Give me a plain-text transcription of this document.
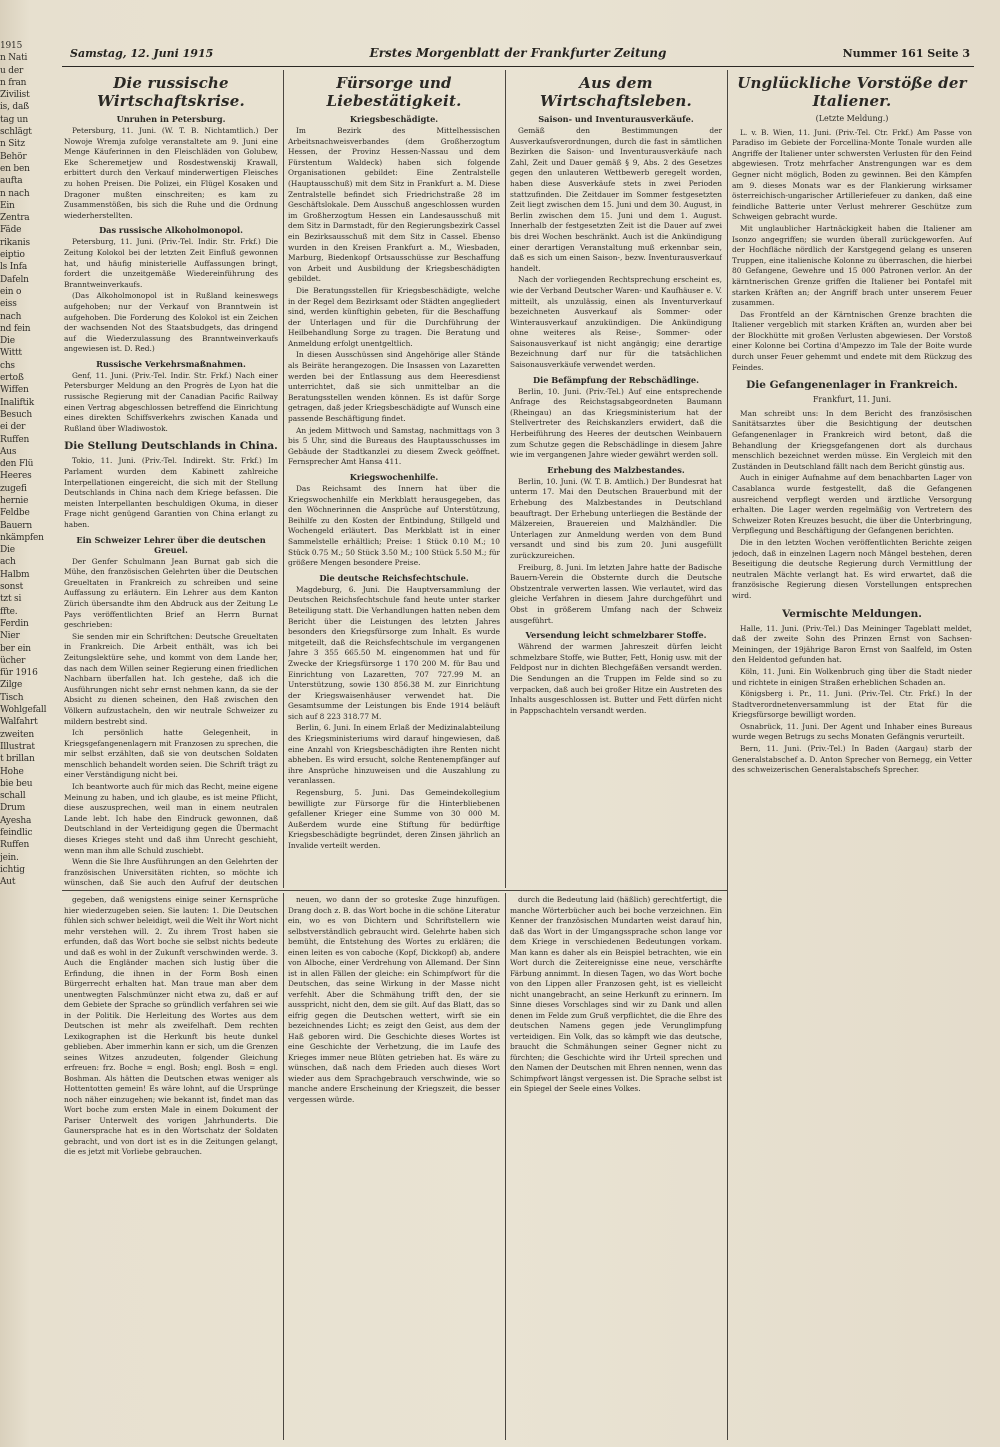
1915
n Nati
u der
n fran
Zivilist
is, daß
tag un
schlägt
n Sitz
Behör
en ben
aufta
n nach
Ein
Zentra
Fäde
rikanis
eiptio
ls Infa
Dafeln
ein o
eiss
nach
nd fein
Die
Wittt
chs
ertoß
Wiffen
Inaliftik
Besuch
ei der
Ruffen
Aus
den Flü
Heeres
zugefi
hernie
Feldbe
Bauern
nkämpfen
Die
ach
Halbm
sonst
tzt si
ffte.
Ferdin
Nier
ber ein
ücher
für 1916
Zilge
Tisch
Wohlgefall
Walfahrt
zweiten
Illustrat
t brillan
Hohe
bie beu
schall
Drum
Ayesha
feindlic
Ruffen
jein.
ichtig
Aut
Samstag, 12. Juni 1915	Erstes Morgenblatt der Frankfurter Zeitung	Nummer 161 Seite 3
Die russische Wirtschaftskrise.
Unruhen in Petersburg.

Petersburg, 11. Juni. (W. T. B. Nichtamtlich.) Der Nowoje Wremja zufolge veranstaltete am 9. Juni eine Menge Käuferinnen in den Fleischläden von Golubew, Eke Scheremetjew und Rosdestwenskij Krawall, erbittert durch den Verkauf minderwertigen Fleisches zu hohen Preisen. Die Polizei, ein Flügel Kosaken und Dragoner mußten einschreiten; es kam zu Zusammenstößen, bis sich die Ruhe und die Ordnung wiederherstellten.

Das russische Alkoholmonopol.

Petersburg, 11. Juni. (Priv.-Tel. Indir. Str. Frkf.) Die Zeitung Kolokol bei der letzten Zeit Einfluß gewonnen hat, und häufig ministerielle Auffassungen bringt, fordert die unzeitgemäße Wiedereinführung des Branntweinverkaufs.

(Das Alkoholmonopol ist in Rußland keineswegs aufgehoben; nur der Verkauf von Branntwein ist aufgehoben. Die Forderung des Kolokol ist ein Zeichen der wachsenden Not des Staatsbudgets, das dringend auf die Wiederzulassung des Branntweinverkaufs angewiesen ist. D. Red.)

Russische Verkehrsmaßnahmen.

Genf, 11. Juni. (Priv.-Tel. Indir. Str. Frkf.) Nach einer Petersburger Meldung an den Progrès de Lyon hat die russische Regierung mit der Canadian Pacific Railway einen Vertrag abgeschlossen betreffend die Einrichtung eines direkten Schiffsverkehrs zwischen Kanada und Rußland über Wladiwostok.

Die Stellung Deutschlands in China.

Tokio, 11. Juni. (Priv.-Tel. Indirekt. Str. Frkf.) Im Parlament wurden dem Kabinett zahlreiche Interpellationen eingereicht, die sich mit der Stellung Deutschlands in China nach dem Kriege befassen. Die meisten Interpellanten beschuldigen Okuma, in dieser Frage nicht genügend Garantien von China erlangt zu haben.

Ein Schweizer Lehrer über die deutschen Greuel.

Der Genfer Schulmann Jean Burnat gab sich die Mühe, den französischen Gelehrten über die Deutschen Greueltaten in Frankreich zu schreiben und seine Auffassung zu erläutern. Ein Lehrer aus dem Kanton Zürich übersandte ihm den Abdruck aus der Zeitung Le Pays veröffentlichten Brief an Herrn Burnat geschrieben:

Sie senden mir ein Schriftchen: Deutsche Greueltaten in Frankreich. Die Arbeit enthält, was ich bei Zeitungslektüre sehe, und kommt von dem Lande her, das nach dem Willen seiner Regierung einen friedlichen Nachbarn überfallen hat. Ich gestehe, daß ich die Ausführungen nicht sehr ernst nehmen kann, da sie der Absicht zu dienen scheinen, den Haß zwischen den Völkern aufzustacheln, den wir neutrale Schweizer zu mildern bestrebt sind.

Ich persönlich hatte Gelegenheit, in Kriegsgefangenenlagern mit Franzosen zu sprechen, die mir selbst erzählten, daß sie von deutschen Soldaten menschlich behandelt worden seien. Die Schrift trägt zu einer Verständigung nicht bei.

Ich beantworte auch für mich das Recht, meine eigene Meinung zu haben, und ich glaube, es ist meine Pflicht, diese auszusprechen, weil man in einem neutralen Lande lebt. Ich habe den Eindruck gewonnen, daß Deutschland in der Verteidigung gegen die Übermacht dieses Krieges steht und daß ihm Unrecht geschieht, wenn man ihm alle Schuld zuschiebt.

Wenn die Sie Ihre Ausführungen an den Gelehrten der französischen Universitäten richten, so möchte ich wünschen, daß Sie auch den Aufruf der deutschen

Fürsorge und Liebestätigkeit.
Kriegsbeschädigte.

Im Bezirk des Mittelhessischen Arbeitsnachweisverbandes (dem Großherzogtum Hessen, der Provinz Hessen-Nassau und dem Fürstentum Waldeck) haben sich folgende Organisationen gebildet: Eine Zentralstelle (Hauptausschuß) mit dem Sitz in Frankfurt a. M. Diese Zentralstelle befindet sich Friedrichstraße 28 im Geschäftslokale. Dem Ausschuß angeschlossen wurden im Großherzogtum Hessen ein Landesausschuß mit dem Sitz in Darmstadt, für den Regierungsbezirk Cassel ein Bezirksausschuß mit dem Sitz in Cassel. Ebenso wurden in den Kreisen Frankfurt a. M., Wiesbaden, Marburg, Biedenkopf Ortsausschüsse zur Beschaffung von Arbeit und Ausbildung der Kriegsbeschädigten gebildet.

Die Beratungsstellen für Kriegsbeschädigte, welche in der Regel dem Bezirksamt oder Städten angegliedert sind, werden künftighin gebeten, für die Beschaffung der Unterlagen und für die Durchführung der Heilbehandlung Sorge zu tragen. Die Beratung und Anmeldung erfolgt unentgeltlich.

In diesen Ausschüssen sind Angehörige aller Stände als Beiräte herangezogen. Die Insassen von Lazaretten werden bei der Entlassung aus dem Heeresdienst unterrichtet, daß sie sich unmittelbar an die Beratungsstellen wenden können. Es ist dafür Sorge getragen, daß jeder Kriegsbeschädigte auf Wunsch eine passende Beschäftigung findet.

An jedem Mittwoch und Samstag, nachmittags von 3 bis 5 Uhr, sind die Bureaus des Hauptausschusses im Gebäude der Stadtkanzlei zu diesem Zweck geöffnet. Fernsprecher Amt Hansa 411.

Kriegswochenhilfe.

Das Reichsamt des Innern hat über die Kriegswochenhilfe ein Merkblatt herausgegeben, das den Wöchnerinnen die Ansprüche auf Unterstützung, Beihilfe zu den Kosten der Entbindung, Stillgeld und Wochengeld erläutert. Das Merkblatt ist in einer Sammelstelle erhältlich; Preise: 1 Stück 0.10 M.; 10 Stück 0.75 M.; 50 Stück 3.50 M.; 100 Stück 5.50 M.; für größere Mengen besondere Preise.

Die deutsche Reichsfechtschule.

Magdeburg, 6. Juni. Die Hauptversammlung der Deutschen Reichsfechtschule fand heute unter starker Beteiligung statt. Die Verhandlungen hatten neben dem Bericht über die Leistungen des letzten Jahres besonders den Kriegsfürsorge zum Inhalt. Es wurde mitgeteilt, daß die Reichsfechtschule im vergangenen Jahre 3 355 665.50 M. eingenommen hat und für Zwecke der Kriegsfürsorge 1 170 200 M. für Bau und Einrichtung von Lazaretten, 707 727.99 M. an Unterstützung, sowie 130 856.38 M. zur Einrichtung der Kriegswaisenhäuser verwendet hat. Die Gesamtsumme der Leistungen bis Ende 1914 beläuft sich auf 8 223 318.77 M.

Berlin, 6. Juni. In einem Erlaß der Medizinalabteilung des Kriegsministeriums wird darauf hingewiesen, daß eine Anzahl von Kriegsbeschädigten ihre Renten nicht abheben. Es wird ersucht, solche Rentenempfänger auf ihre Ansprüche hinzuweisen und die Auszahlung zu veranlassen.

Regensburg, 5. Juni. Das Gemeindekollegium bewilligte zur Fürsorge für die Hinterbliebenen gefallener Krieger eine Summe von 30 000 M. Außerdem wurde eine Stiftung für bedürftige Kriegsbeschädigte begründet, deren Zinsen jährlich an Invalide verteilt werden.

Aus dem Wirtschaftsleben.
Saison- und Inventurausverkäufe.

Gemäß den Bestimmungen der Ausverkaufsverordnungen, durch die fast in sämtlichen Bezirken die Saison- und Inventurausverkäufe nach Zahl, Zeit und Dauer gemäß § 9, Abs. 2 des Gesetzes gegen den unlauteren Wettbewerb geregelt worden, haben diese Ausverkäufe stets in zwei Perioden stattzufinden. Die Zeitdauer im Sommer festgesetzten Zeit liegt zwischen dem 15. Juni und dem 30. August, in Berlin zwischen dem 15. Juni und dem 1. August. Innerhalb der festgesetzten Zeit ist die Dauer auf zwei bis drei Wochen beschränkt. Auch ist die Ankündigung einer derartigen Veranstaltung muß erkennbar sein, daß es sich um einen Saison-, bezw. Inventurausverkauf handelt.

Nach der vorliegenden Rechtsprechung erscheint es, wie der Verband Deutscher Waren- und Kaufhäuser e. V. mitteilt, als unzulässig, einen als Inventurverkauf bezeichneten Ausverkauf als Sommer- oder Winterausverkauf anzukündigen. Die Ankündigung ohne weiteres als Reise-, Sommer- oder Saisonausverkauf ist nicht angängig; eine derartige Bezeichnung darf nur für die tatsächlichen Saisonausverkäufe verwendet werden.

Die Befämpfung der Rebschädlinge.

Berlin, 10. Juni. (Priv.-Tel.) Auf eine entsprechende Anfrage des Reichstagsabgeordneten Baumann (Rheingau) an das Kriegsministerium hat der Stellvertreter des Reichskanzlers erwidert, daß die Herbeiführung des Heeres der deutschen Weinbauern zum Schutze gegen die Rebschädlinge in diesem Jahre wie im vergangenen Jahre wieder gewährt werden soll.

Erhebung des Malzbestandes.

Berlin, 10. Juni. (W. T. B. Amtlich.) Der Bundesrat hat unterm 17. Mai den Deutschen Brauerbund mit der Erhebung des Malzbestandes in Deutschland beauftragt. Der Erhebung unterliegen die Bestände der Mälzereien, Brauereien und Malzhändler. Die Unterlagen zur Anmeldung werden von dem Bund versandt und sind bis zum 20. Juni ausgefüllt zurückzureichen.

Freiburg, 8. Juni. Im letzten Jahre hatte der Badische Bauern-Verein die Obsternte durch die Deutsche Obstzentrale verwerten lassen. Wie verlautet, wird das gleiche Verfahren in diesem Jahre durchgeführt und Obst in größerem Umfang nach der Schweiz ausgeführt.

Versendung leicht schmelzbarer Stoffe.

Während der warmen Jahreszeit dürfen leicht schmelzbare Stoffe, wie Butter, Fett, Honig usw. mit der Feldpost nur in dichten Blechgefäßen versandt werden. Die Sendungen an die Truppen im Felde sind so zu verpacken, daß auch bei großer Hitze ein Austreten des Inhalts ausgeschlossen ist. Butter und Fett dürfen nicht in Pappschachteln versandt werden.

Unglückliche Vorstöße der Italiener.
(Letzte Meldung.)

L. v. B. Wien, 11. Juni. (Priv.-Tel. Ctr. Frkf.) Am Passe von Paradiso im Gebiete der Forcellina-Monte Tonale wurden alle Angriffe der Italiener unter schwersten Verlusten für den Feind abgewiesen. Trotz mehrfacher Anstrengungen war es dem Gegner nicht möglich, Boden zu gewinnen. Bei den Kämpfen am 9. dieses Monats war es der Flankierung wirksamer österreichisch-ungarischer Artilleriefeuer zu danken, daß eine feindliche Batterie unter Verlust mehrerer Geschütze zum Schweigen gebracht wurde.

Mit unglaublicher Hartnäckigkeit haben die Italiener am Isonzo angegriffen; sie wurden überall zurückgeworfen. Auf der Hochfläche nördlich der Karstgegend gelang es unseren Truppen, eine italienische Kolonne zu überraschen, die hierbei 80 Gefangene, Gewehre und 15 000 Patronen verlor. An der kärntnerischen Grenze griffen die Italiener bei Pontafel mit starken Kräften an; der Angriff brach unter unserem Feuer zusammen.

Das Frontfeld an der Kärntnischen Grenze brachten die Italiener vergeblich mit starken Kräften an, wurden aber bei der Blockhütte mit großen Verlusten abgewiesen. Der Vorstoß einer Kolonne bei Cortina d'Ampezzo im Tale der Boite wurde durch unser Feuer gehemmt und endete mit dem Rückzug des Feindes.

Die Gefangenenlager in Frankreich.
Frankfurt, 11. Juni.

Man schreibt uns: In dem Bericht des französischen Sanitätsarztes über die Besichtigung der deutschen Gefangenenlager in Frankreich wird betont, daß die Behandlung der Kriegsgefangenen dort als durchaus menschlich bezeichnet werden müsse. Ein Vergleich mit den Zuständen in Deutschland fällt nach dem Bericht günstig aus.

Auch in einiger Aufnahme auf dem benachbarten Lager von Casablanca wurde festgestellt, daß die Gefangenen ausreichend verpflegt werden und ärztliche Versorgung erhalten. Die Lager werden regelmäßig von Vertretern des Schweizer Roten Kreuzes besucht, die über die Unterbringung, Verpflegung und Beschäftigung der Gefangenen berichten.

Die in den letzten Wochen veröffentlichten Berichte zeigen jedoch, daß in einzelnen Lagern noch Mängel bestehen, deren Beseitigung die deutsche Regierung durch Vermittlung der neutralen Mächte verlangt hat. Es wird erwartet, daß die französische Regierung diesen Vorstellungen entsprechen wird.

Vermischte Meldungen.

Halle, 11. Juni. (Priv.-Tel.) Das Meininger Tageblatt meldet, daß der zweite Sohn des Prinzen Ernst von Sachsen-Meiningen, der 19jährige Baron Ernst von Saalfeld, im Osten den Heldentod gefunden hat.

Köln, 11. Juni. Ein Wolkenbruch ging über die Stadt nieder und richtete in einigen Straßen erheblichen Schaden an.

Königsberg i. Pr., 11. Juni. (Priv.-Tel. Ctr. Frkf.) In der Stadtverordnetenversammlung ist der Etat für die Kriegsfürsorge bewilligt worden.

Osnabrück, 11. Juni. Der Agent und Inhaber eines Bureaus wurde wegen Betrugs zu sechs Monaten Gefängnis verurteilt.

Bern, 11. Juni. (Priv.-Tel.) In Baden (Aargau) starb der Generalstabschef a. D. Anton Sprecher von Bernegg, ein Vetter des schweizerischen Generalstabschefs Sprecher.

gegeben, daß wenigstens einige seiner Kernsprüche hier wiederzugeben seien. Sie lauten: 1. Die Deutschen fühlen sich schwer beleidigt, weil die Welt ihr Wort nicht mehr verstehen will. 2. Zu ihrem Trost haben sie erfunden, daß das Wort boche sie selbst nichts bedeute und daß es wohl in der Zukunft verschwinden werde. 3. Auch die Engländer machen sich lustig über die Erfindung, die ihnen in der Form Bosh einen Bürgerrecht erhalten hat. Man traue man aber dem unentwegten Falschmünzer nicht etwa zu, daß er auf dem Gebiete der Sprache so gründlich verfahren sei wie in der Politik. Die Herleitung des Wortes aus dem Deutschen ist mehr als zweifelhaft. Dem rechten Lexikographen ist die Herkunft bis heute dunkel geblieben. Aber immerhin kann er sich, um die Grenzen seines Witzes anzudeuten, folgender Gleichung erfreuen: frz. Boche = engl. Bosh; engl. Bosh = engl. Boshman. Als hätten die Deutschen etwas weniger als Hottentotten gemein! Es wäre lohnt, auf die Ursprünge noch näher einzugehen; wie bekannt ist, findet man das Wort boche zum ersten Male in einem Dokument der Pariser Unterwelt des vorigen Jahrhunderts. Die Gaunersprache hat es in den Wortschatz der Soldaten gebracht, und von dort ist es in die Zeitungen gelangt, die es jetzt mit Vorliebe gebrauchen.

neuen, wo dann der so groteske Zuge hinzufügen. Drang doch z. B. das Wort boche in die schöne Literatur ein, wo es von Dichtern und Schriftstellern wie selbstverständlich gebraucht wird. Gelehrte haben sich bemüht, die Entstehung des Wortes zu erklären; die einen leiten es von caboche (Kopf, Dickkopf) ab, andere von Alboche, einer Verdrehung von Allemand. Der Sinn ist in allen Fällen der gleiche: ein Schimpfwort für die Deutschen, das seine Wirkung in der Masse nicht verfehlt. Aber die Schmähung trifft den, der sie ausspricht, nicht den, dem sie gilt. Auf das Blatt, das so eifrig gegen die Deutschen wettert, wirft sie ein bezeichnendes Licht; es zeigt den Geist, aus dem der Haß geboren wird. Die Geschichte dieses Wortes ist eine Geschichte der Verhetzung, die im Laufe des Krieges immer neue Blüten getrieben hat. Es wäre zu wünschen, daß nach dem Frieden auch dieses Wort wieder aus dem Sprachgebrauch verschwinde, wie so manche andere Erscheinung der Kriegszeit, die besser vergessen würde.

durch die Bedeutung laid (häßlich) gerechtfertigt, die manche Wörterbücher auch bei boche verzeichnen. Ein Kenner der französischen Mundarten weist darauf hin, daß das Wort in der Umgangssprache schon lange vor dem Kriege in verschiedenen Bedeutungen vorkam. Man kann es daher als ein Beispiel betrachten, wie ein Wort durch die Zeitereignisse eine neue, verschärfte Färbung annimmt. In diesen Tagen, wo das Wort boche von den Lippen aller Franzosen geht, ist es vielleicht nicht unangebracht, an seine Herkunft zu erinnern. Im Sinne dieses Vorschlages sind wir zu Dank und allen denen im Felde zum Gruß verpflichtet, die die Ehre des deutschen Namens gegen jede Verunglimpfung verteidigen. Ein Volk, das so kämpft wie das deutsche, braucht die Schmähungen seiner Gegner nicht zu fürchten; die Geschichte wird ihr Urteil sprechen und den Namen der Deutschen mit Ehren nennen, wenn das Schimpfwort längst vergessen ist. Die Sprache selbst ist ein Spiegel der Seele eines Volkes.
